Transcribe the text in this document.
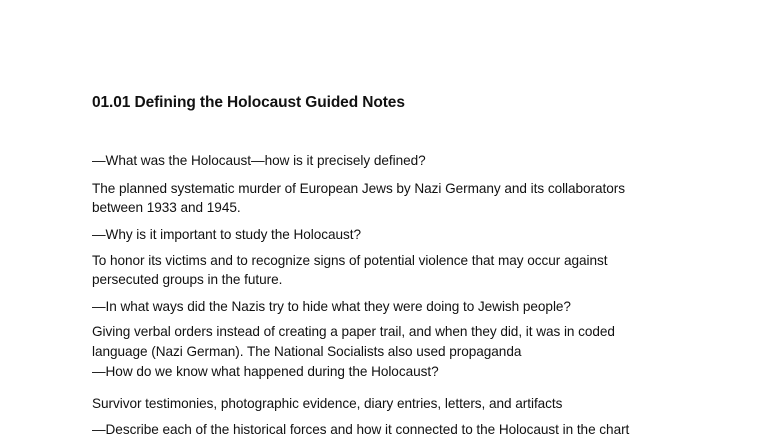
01.01 Defining the Holocaust Guided Notes
—What was the Holocaust—how is it precisely defined?
The planned systematic murder of European Jews by Nazi Germany and its collaborators
between 1933 and 1945.
—Why is it important to study the Holocaust?
To honor its victims and to recognize signs of potential violence that may occur against
persecuted groups in the future.
—In what ways did the Nazis try to hide what they were doing to Jewish people?
Giving verbal orders instead of creating a paper trail, and when they did, it was in coded
language (Nazi German). The National Socialists also used propaganda
—How do we know what happened during the Holocaust?
Survivor testimonies, photographic evidence, diary entries, letters, and artifacts
—Describe each of the historical forces and how it connected to the Holocaust in the chart
